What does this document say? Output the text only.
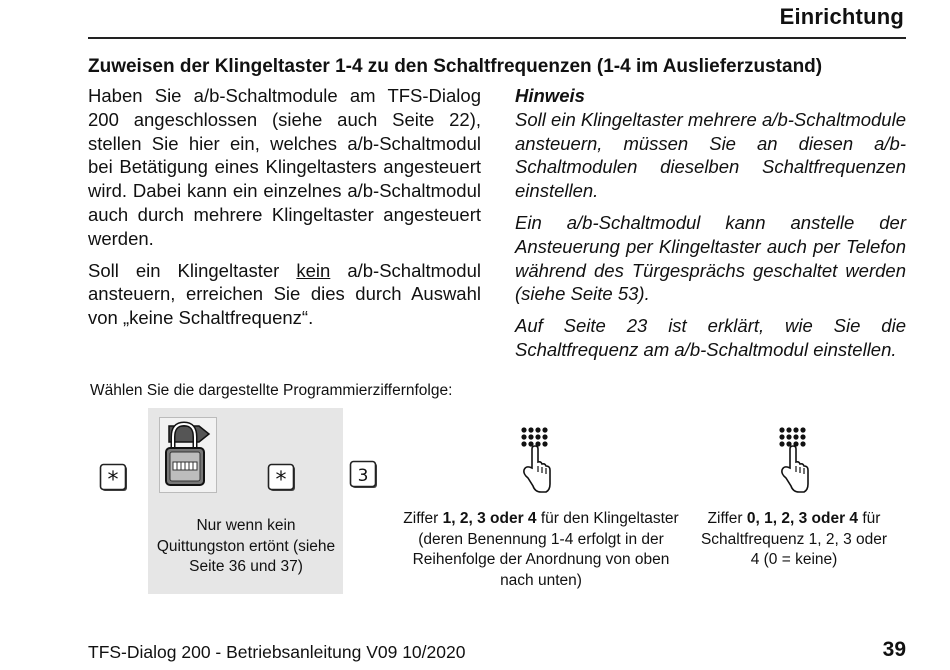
Einrichtung
Zuweisen der Klingeltaster 1-4 zu den Schaltfrequenzen (1-4 im Auslieferzustand)

Haben Sie a/b-Schaltmodule am TFS-Dialog 200 angeschlossen (siehe auch Seite 22), stellen Sie hier ein, welches a/b-Schaltmodul bei Betätigung eines Klingeltasters angesteuert wird. Dabei kann ein einzelnes a/b-Schaltmodul auch durch mehrere Klingeltaster angesteuert werden.

Soll ein Klingeltaster kein a/b-Schaltmodul ansteuern, erreichen Sie dies durch Auswahl von „keine Schaltfrequenz“.

Hinweis

Soll ein Klingeltaster mehrere a/b-Schaltmodule ansteuern, müssen Sie an diesen a/b-Schaltmodulen dieselben Schaltfrequenzen einstellen.

Ein a/b-Schaltmodul kann anstelle der Ansteuerung per Klingeltaster auch per Telefon während des Türgesprächs geschaltet werden (siehe Seite 53).

Auf Seite 23 ist erklärt, wie Sie die Schaltfrequenz am a/b-Schaltmodul einstellen.

Wählen Sie die dargestellte Programmierziffernfolge:
*	*	3
Nur wenn kein Quittungston ertönt (siehe Seite 36 und 37)
Ziffer 1, 2, 3 oder 4 für den Klingeltaster (deren Benennung 1-4 erfolgt in der Reihenfolge der Anordnung von oben nach unten)
Ziffer 0, 1, 2, 3 oder 4 für Schaltfrequenz 1, 2, 3 oder 4 (0 = keine)
TFS-Dialog 200 - Betriebsanleitung V09 10/2020	39
